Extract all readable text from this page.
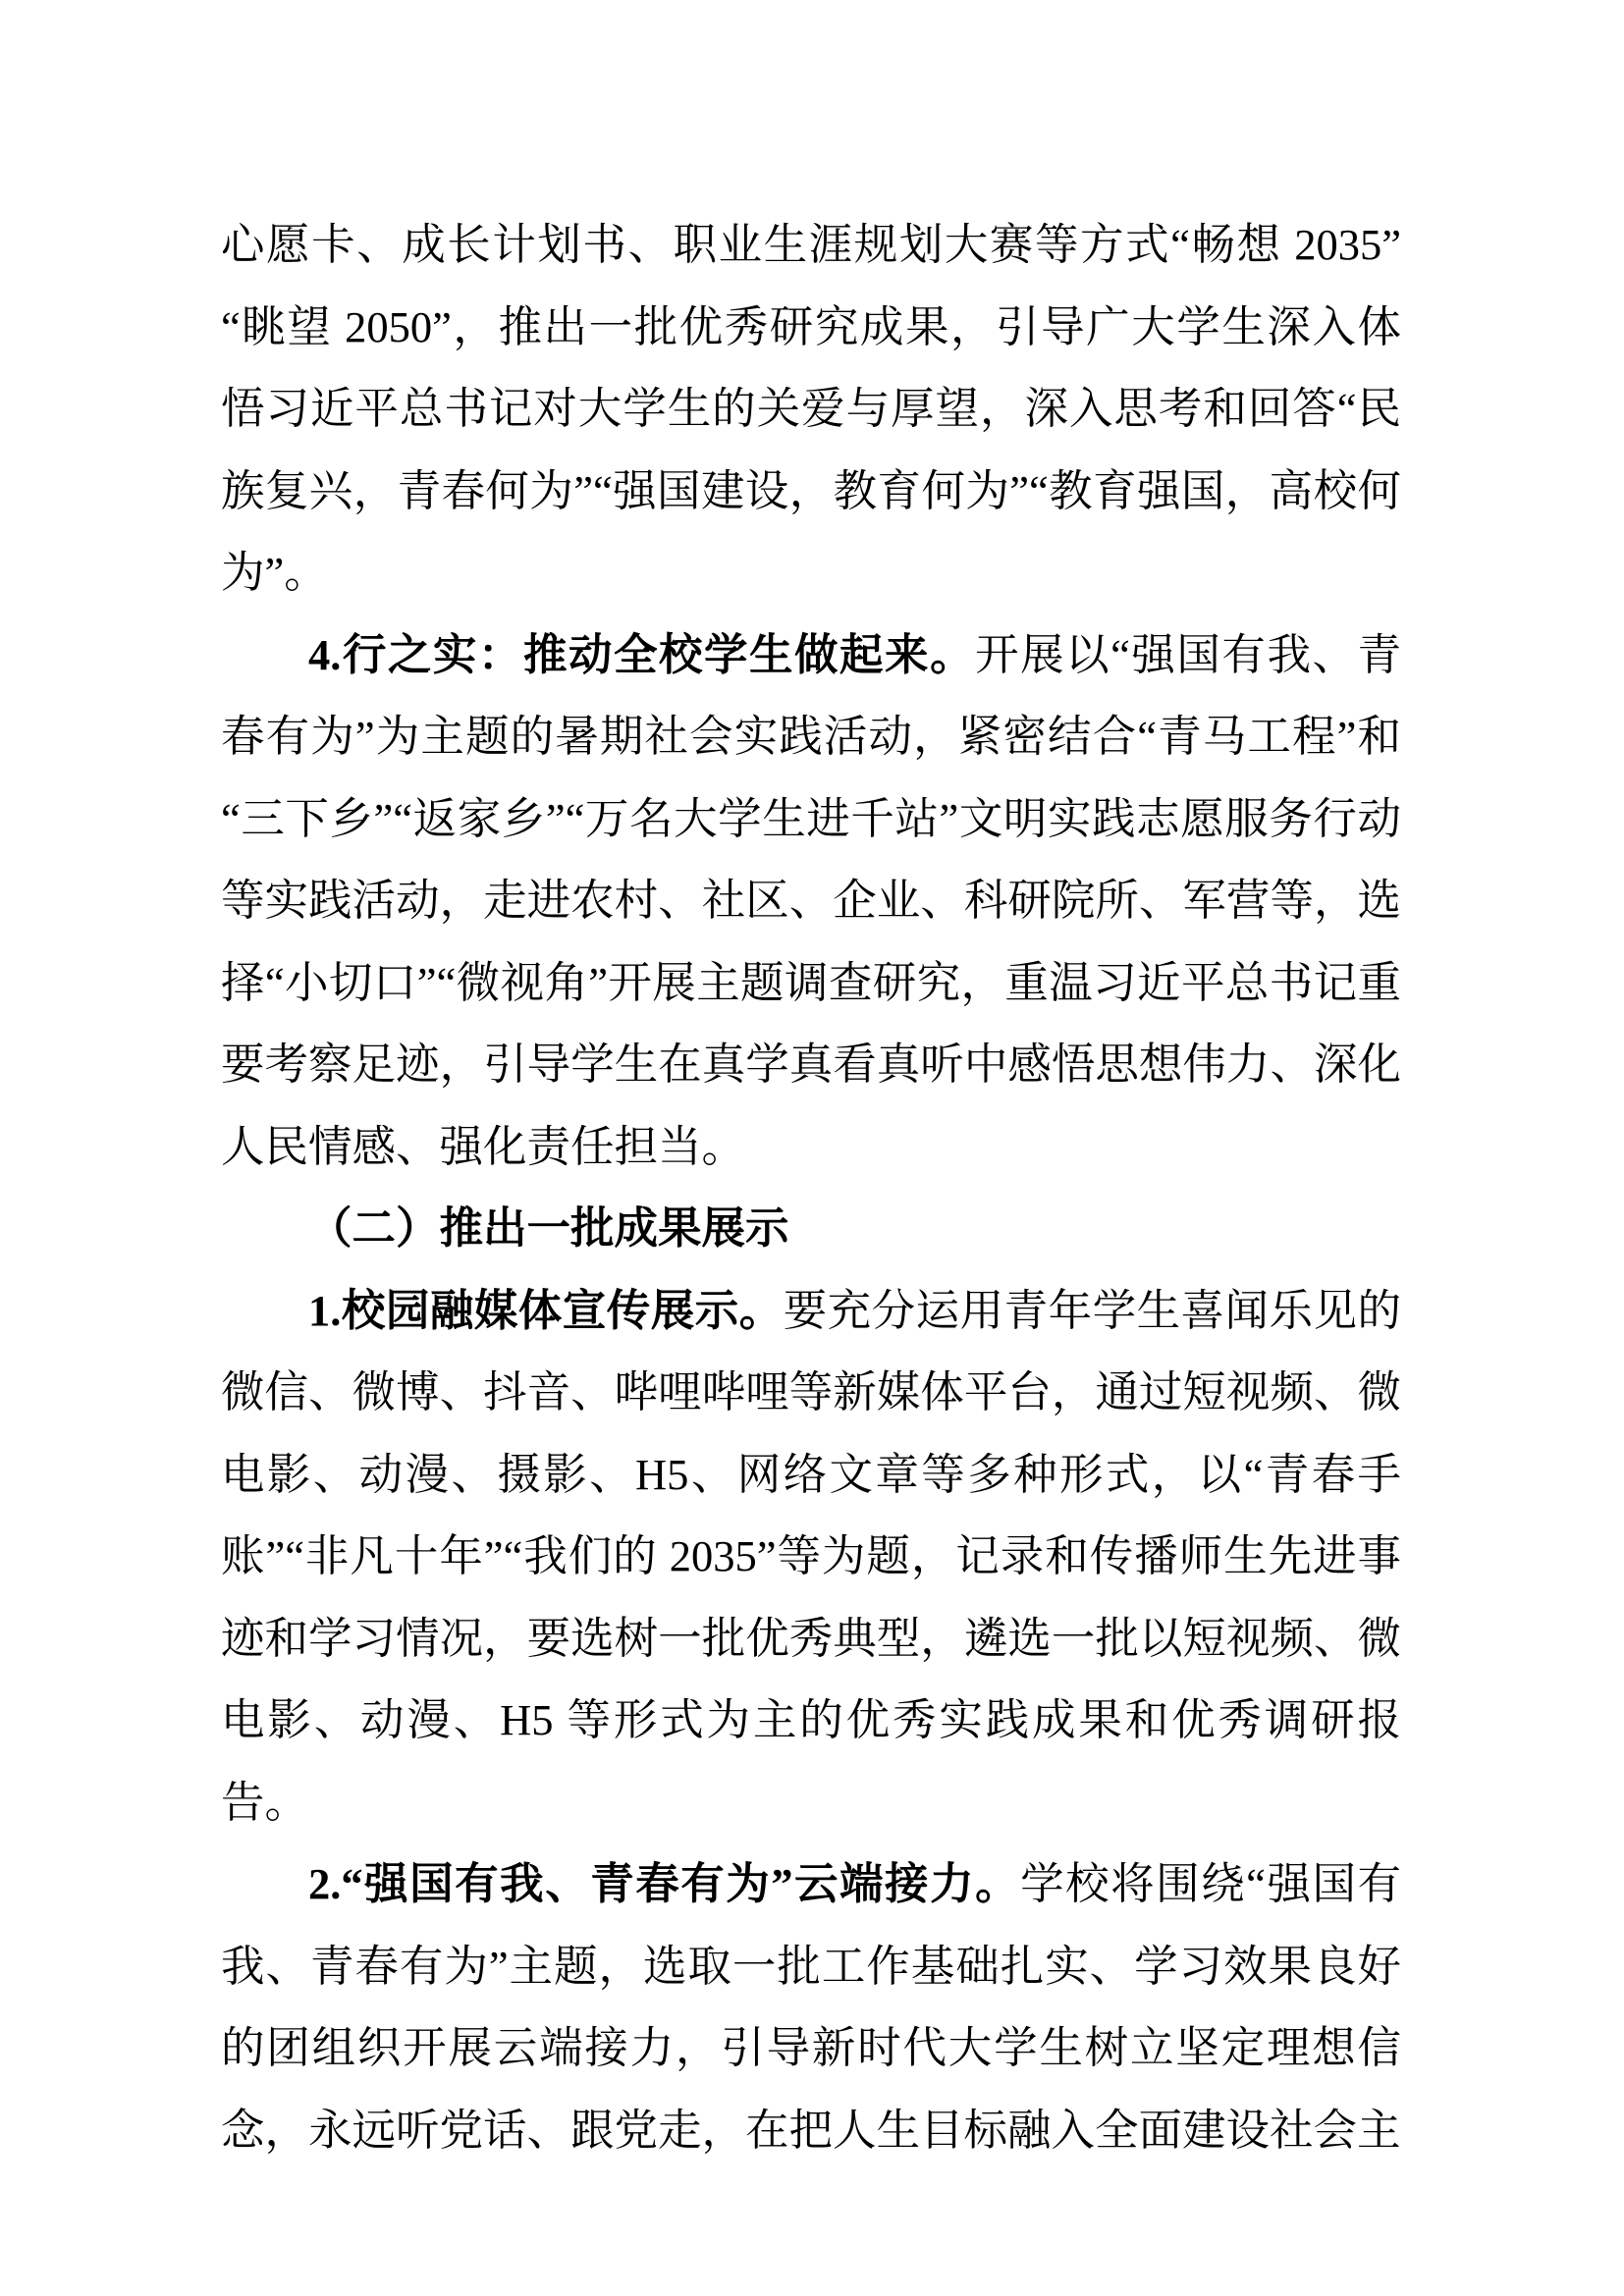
心愿卡、成长计划书、职业生涯规划大赛等方式“畅想 2035”“眺望 2050”，推出一批优秀研究成果，引导广大学生深入体悟习近平总书记对大学生的关爱与厚望，深入思考和回答“民族复兴，青春何为”“强国建设，教育何为”“教育强国，高校何为”。

4.行之实：推动全校学生做起来。开展以“强国有我、青春有为”为主题的暑期社会实践活动，紧密结合“青马工程”和“三下乡”“返家乡”“万名大学生进千站”文明实践志愿服务行动等实践活动，走进农村、社区、企业、科研院所、军营等，选择“小切口”“微视角”开展主题调查研究，重温习近平总书记重要考察足迹，引导学生在真学真看真听中感悟思想伟力、深化人民情感、强化责任担当。

（二）推出一批成果展示

1.校园融媒体宣传展示。要充分运用青年学生喜闻乐见的微信、微博、抖音、哔哩哔哩等新媒体平台，通过短视频、微电影、动漫、摄影、H5、网络文章等多种形式，以“青春手账”“非凡十年”“我们的 2035”等为题，记录和传播师生先进事迹和学习情况，要选树一批优秀典型，遴选一批以短视频、微电影、动漫、H5 等形式为主的优秀实践成果和优秀调研报告。

2.“强国有我、青春有为”云端接力。学校将围绕“强国有我、青春有为”主题，选取一批工作基础扎实、学习效果良好的团组织开展云端接力，引导新时代大学生树立坚定理想信念，永远听党话、跟党走，在把人生目标融入全面建设社会主
